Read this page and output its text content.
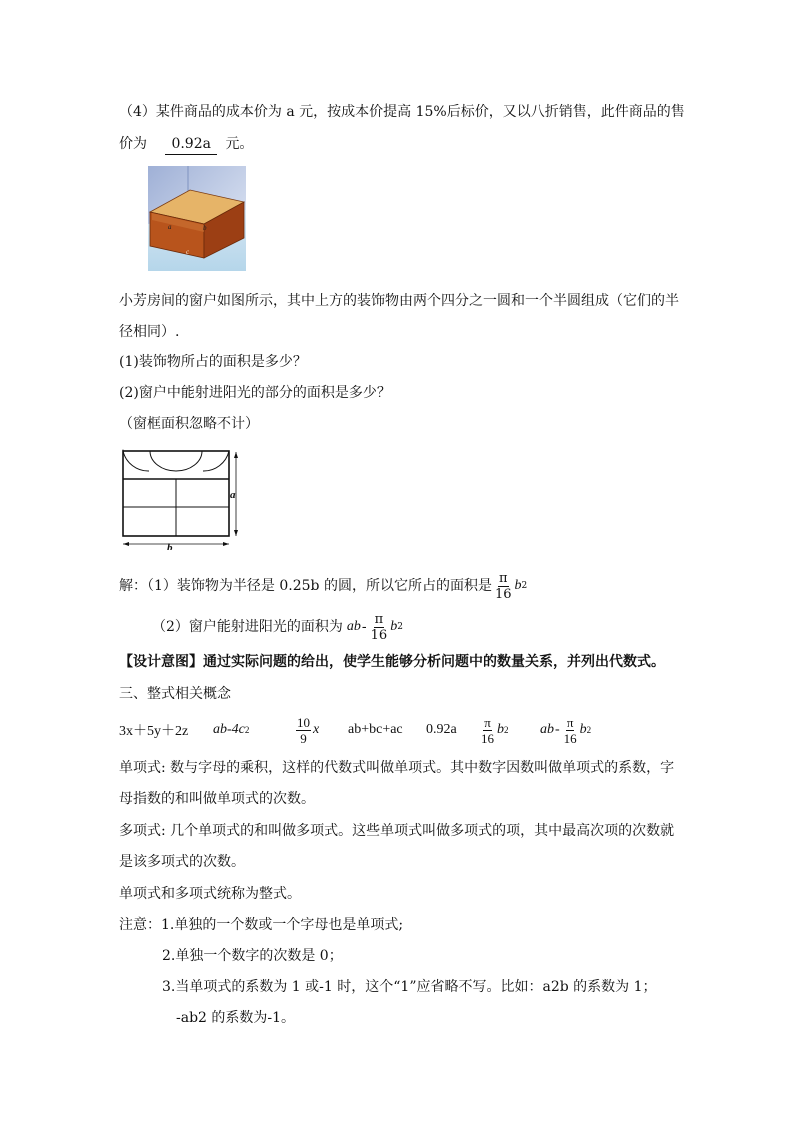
（4）某件商品的成本价为 a 元，按成本价提高 15%后标价，又以八折销售，此件商品的售
价为 0.92a 元。
a	b
c
小芳房间的窗户如图所示，其中上方的装饰物由两个四分之一圆和一个半圆组成（它们的半
径相同）.
(1)装饰物所占的面积是多少？
(2)窗户中能射进阳光的部分的面积是多少？
（窗框面积忽略不计）
a
b
解：（1）装饰物为半径是 0.25b 的圆，所以它所占的面积是 $\frac{\pi}{16}$ b 2
（2）窗户能射进阳光的面积为 ab - $\frac{\pi}{16}$ b 2
【设计意图】通过实际问题的给出，使学生能够分析问题中的数量关系，并列出代数式。
三、整式相关概念
3x＋5y＋2z ab -4c 2	$\frac{10}{9}$ x ab+bc+ac $0.92a \frac{\pi}{16}$ b 2 ab - $\frac{\pi}{16}$ b 2
单项式: 数与字母的乘积，这样的代数式叫做单项式。其中数字因数叫做单项式的系数，字
母指数的和叫做单项式的次数。
多项式: 几个单项式的和叫做多项式。这些单项式叫做多项式的项，其中最高次项的次数就
是该多项式的次数。
单项式和多项式统称为整式。
注意：1.单独的一个数或一个字母也是单项式;
2.单独一个数字的次数是 0；
3.当单项式的系数为 1 或-1 时，这个“1”应省略不写。比如：a2b 的系数为 1；
-ab2 的系数为-1。
